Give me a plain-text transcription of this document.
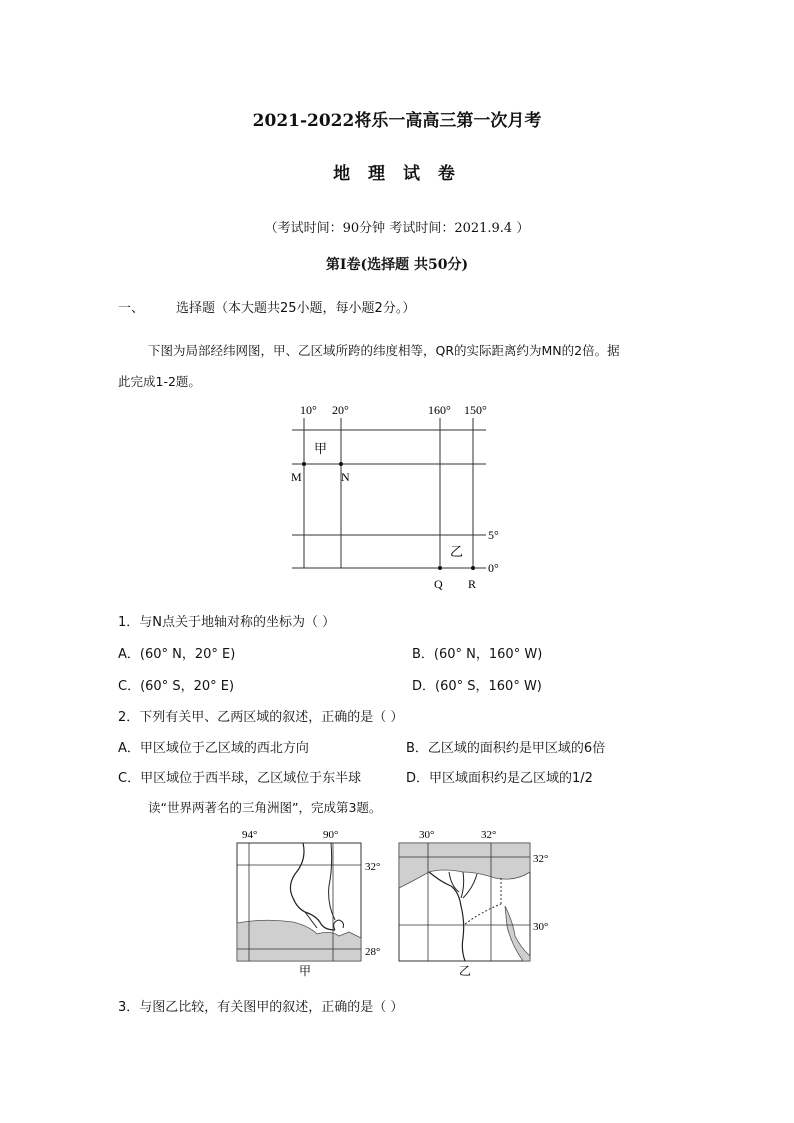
2021-2022将乐一高高三第一次月考
地 理 试 卷
（考试时间：90分钟 考试时间：2021.9.4 ）
第Ⅰ卷(选择题 共50分)
一、 选择题（本大题共25小题，每小题2分。）
下图为局部经纬网图，甲、乙区域所跨的纬度相等，QR的实际距离约为MN的2倍。据
此完成1-2题。
10° 20°	160° 150°
5°
0°
甲
乙
M	N
Q R
1．与N点关于地轴对称的坐标为（ ）
A．(60° N，20° E)	B．(60° N，160° W)
C．(60° S，20° E)	D．(60° S，160° W)
2．下列有关甲、乙两区域的叙述，正确的是（ ）
A．甲区域位于乙区域的西北方向	B．乙区域的面积约是甲区域的6倍
C．甲区域位于西半球，乙区域位于东半球	D．甲区域面积约是乙区域的1/2
读“世界两著名的三角洲图”，完成第3题。
94°	90°
32°
28°
甲
30°	32°
32°
30°
乙
3．与图乙比较，有关图甲的叙述，正确的是（ ）
